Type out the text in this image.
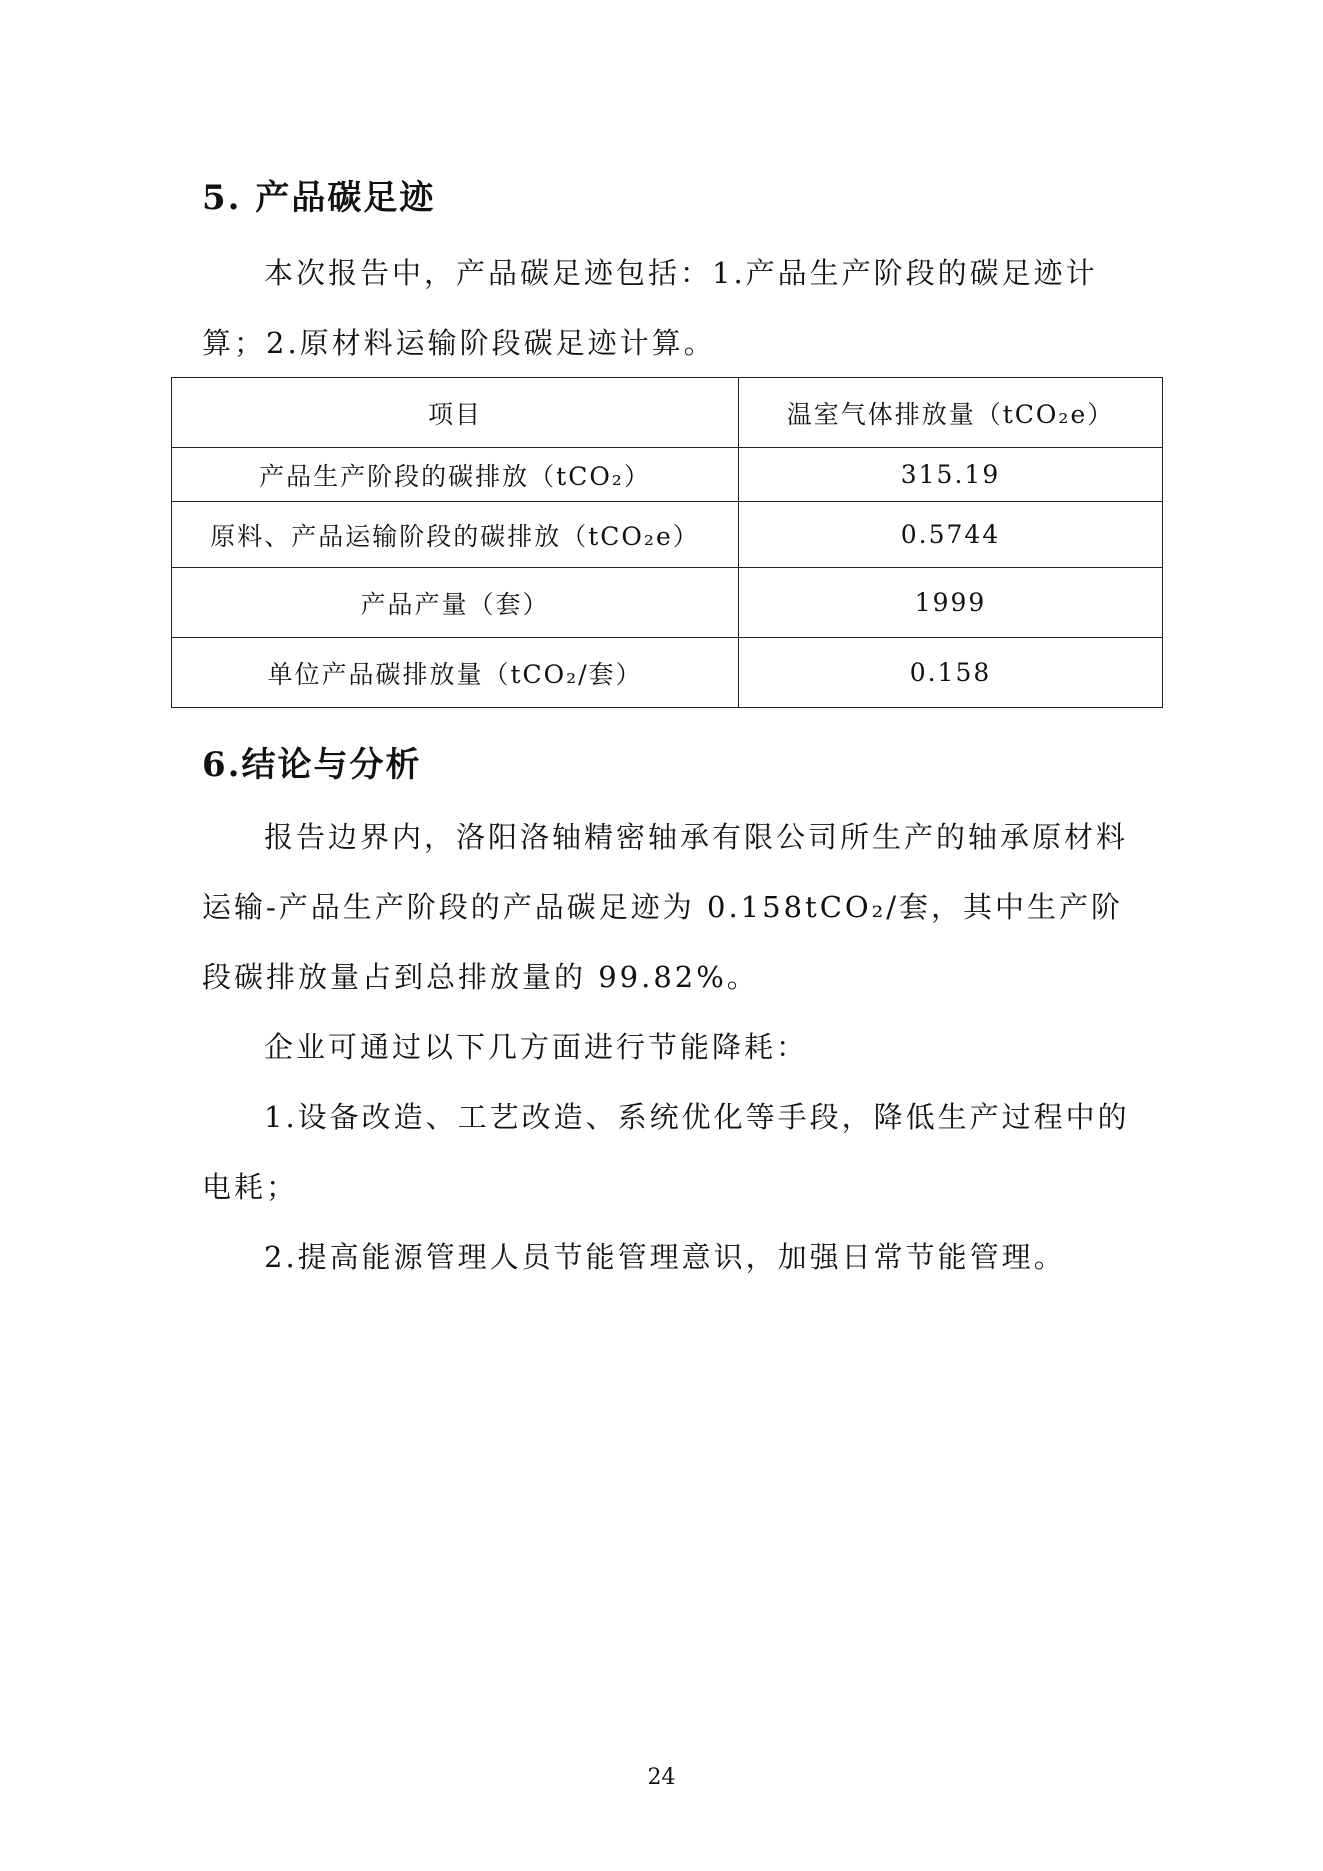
5. 产品碳足迹
本次报告中，产品碳足迹包括：1.产品生产阶段的碳足迹计算；2.原材料运输阶段碳足迹计算。
项目	温室气体排放量（tCO₂e）
产品生产阶段的碳排放（tCO₂）	315.19
原料、产品运输阶段的碳排放（tCO₂e）	0.5744
产品产量（套）	1999
单位产品碳排放量（tCO₂/套）	0.158
6.结论与分析
报告边界内，洛阳洛轴精密轴承有限公司所生产的轴承原材料运输-产品生产阶段的产品碳足迹为 0.158tCO₂/套，其中生产阶段碳排放量占到总排放量的 99.82%。
企业可通过以下几方面进行节能降耗：
1.设备改造、工艺改造、系统优化等手段，降低生产过程中的电耗；
2.提高能源管理人员节能管理意识，加强日常节能管理。
24
